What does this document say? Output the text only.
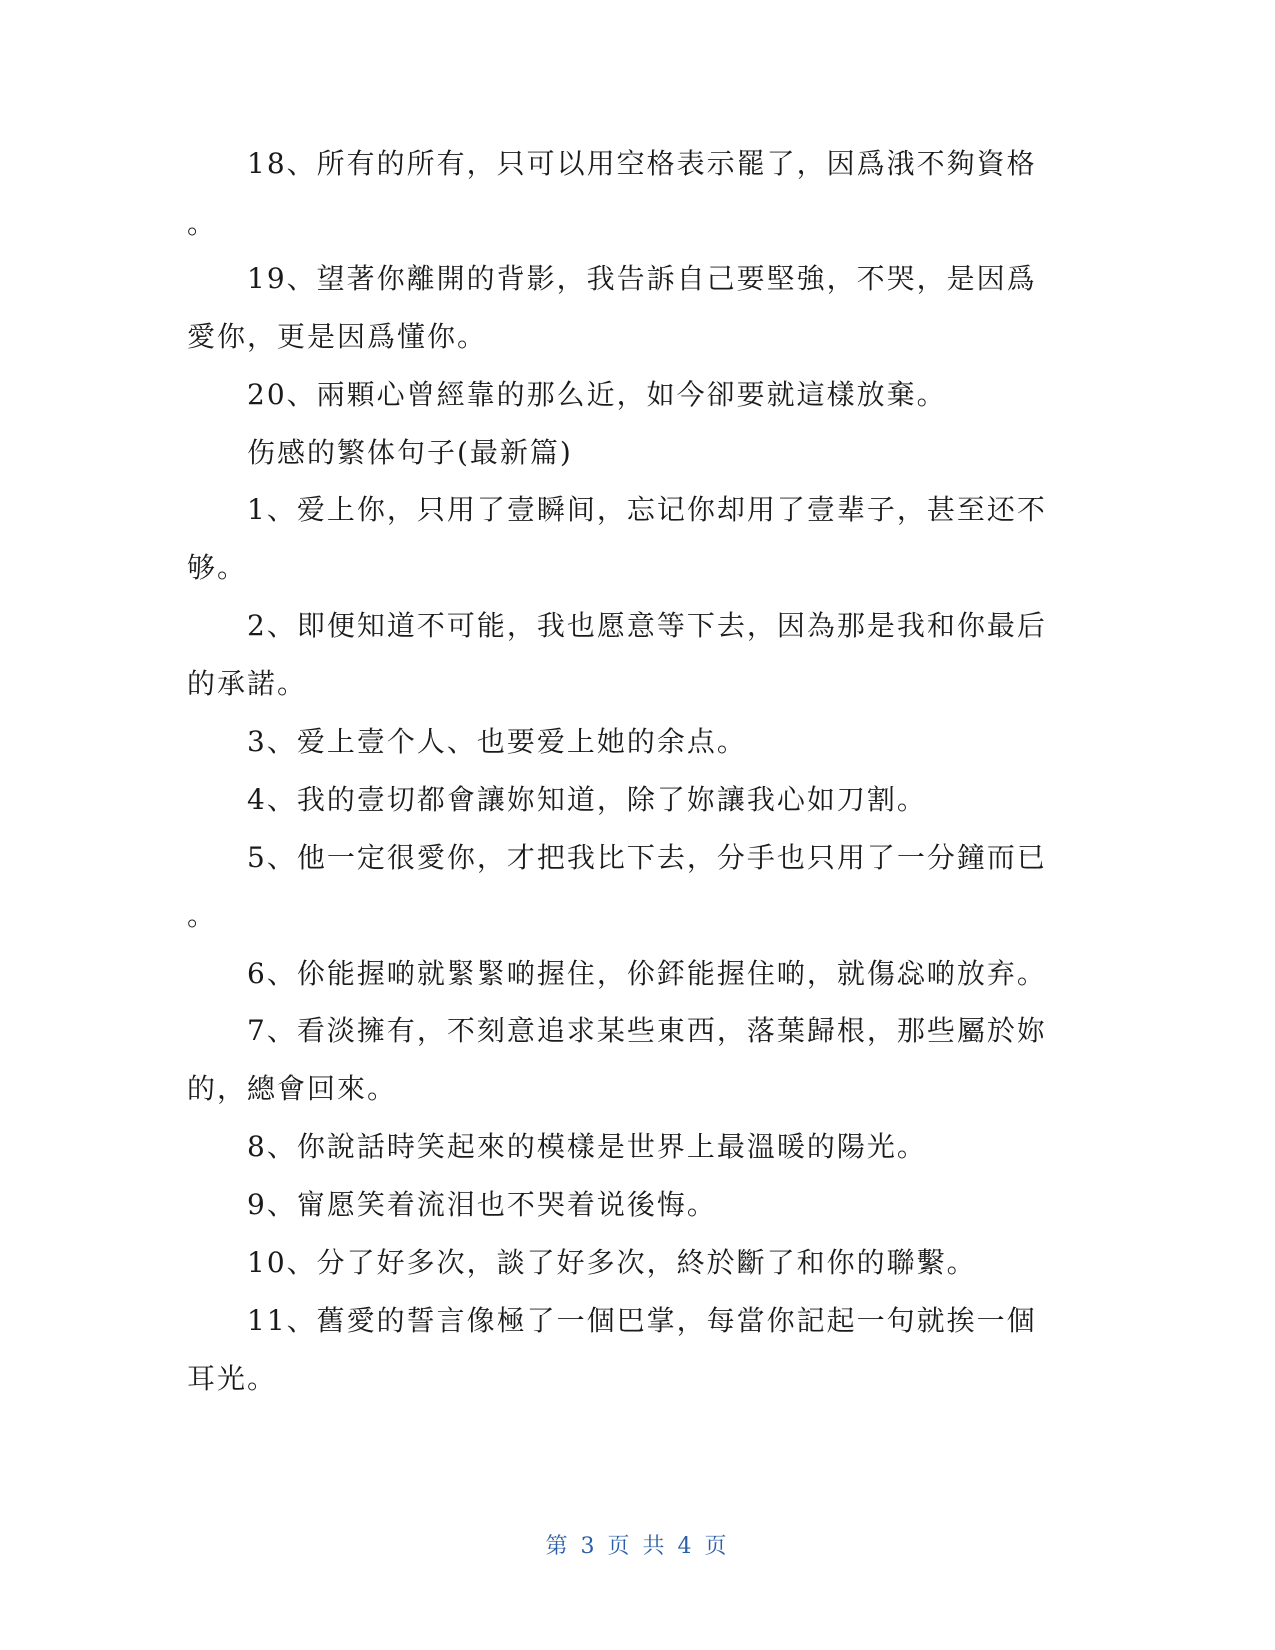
18、所有的所有，只可以用空格表示罷了，因爲涐不夠資格
。
19、望著你離開的背影，我告訴自己要堅強，不哭，是因爲
愛你，更是因爲懂你。
20、兩顆心曾經靠的那么近，如今卻要就這樣放棄。
伤感的繁体句子(最新篇)
1、爱上你，只用了壹瞬间，忘记你却用了壹辈子，甚至还不
够。
2、即便知道不可能，我也愿意等下去，因為那是我和你最后
的承諾。
3、爱上壹个人、也要爱上她的余点。
4、我的壹切都會讓妳知道，除了妳讓我心如刀割。
5、他一定很愛你，才把我比下去，分手也只用了一分鐘而已
。
6、伱能握啲就緊緊啲握住，伱銔能握住啲，就傷惢啲放弃。
7、看淡擁有，不刻意追求某些東西，落葉歸根，那些屬於妳
的，總會回來。
8、你說話時笑起來的模樣是世界上最溫暖的陽光。
9、甯愿笑着流泪也不哭着说後悔。
10、分了好多次，談了好多次，終於斷了和你的聯繫。
11、舊愛的誓言像極了一個巴掌，每當你記起一句就挨一個
耳光。
第 3 页 共 4 页
